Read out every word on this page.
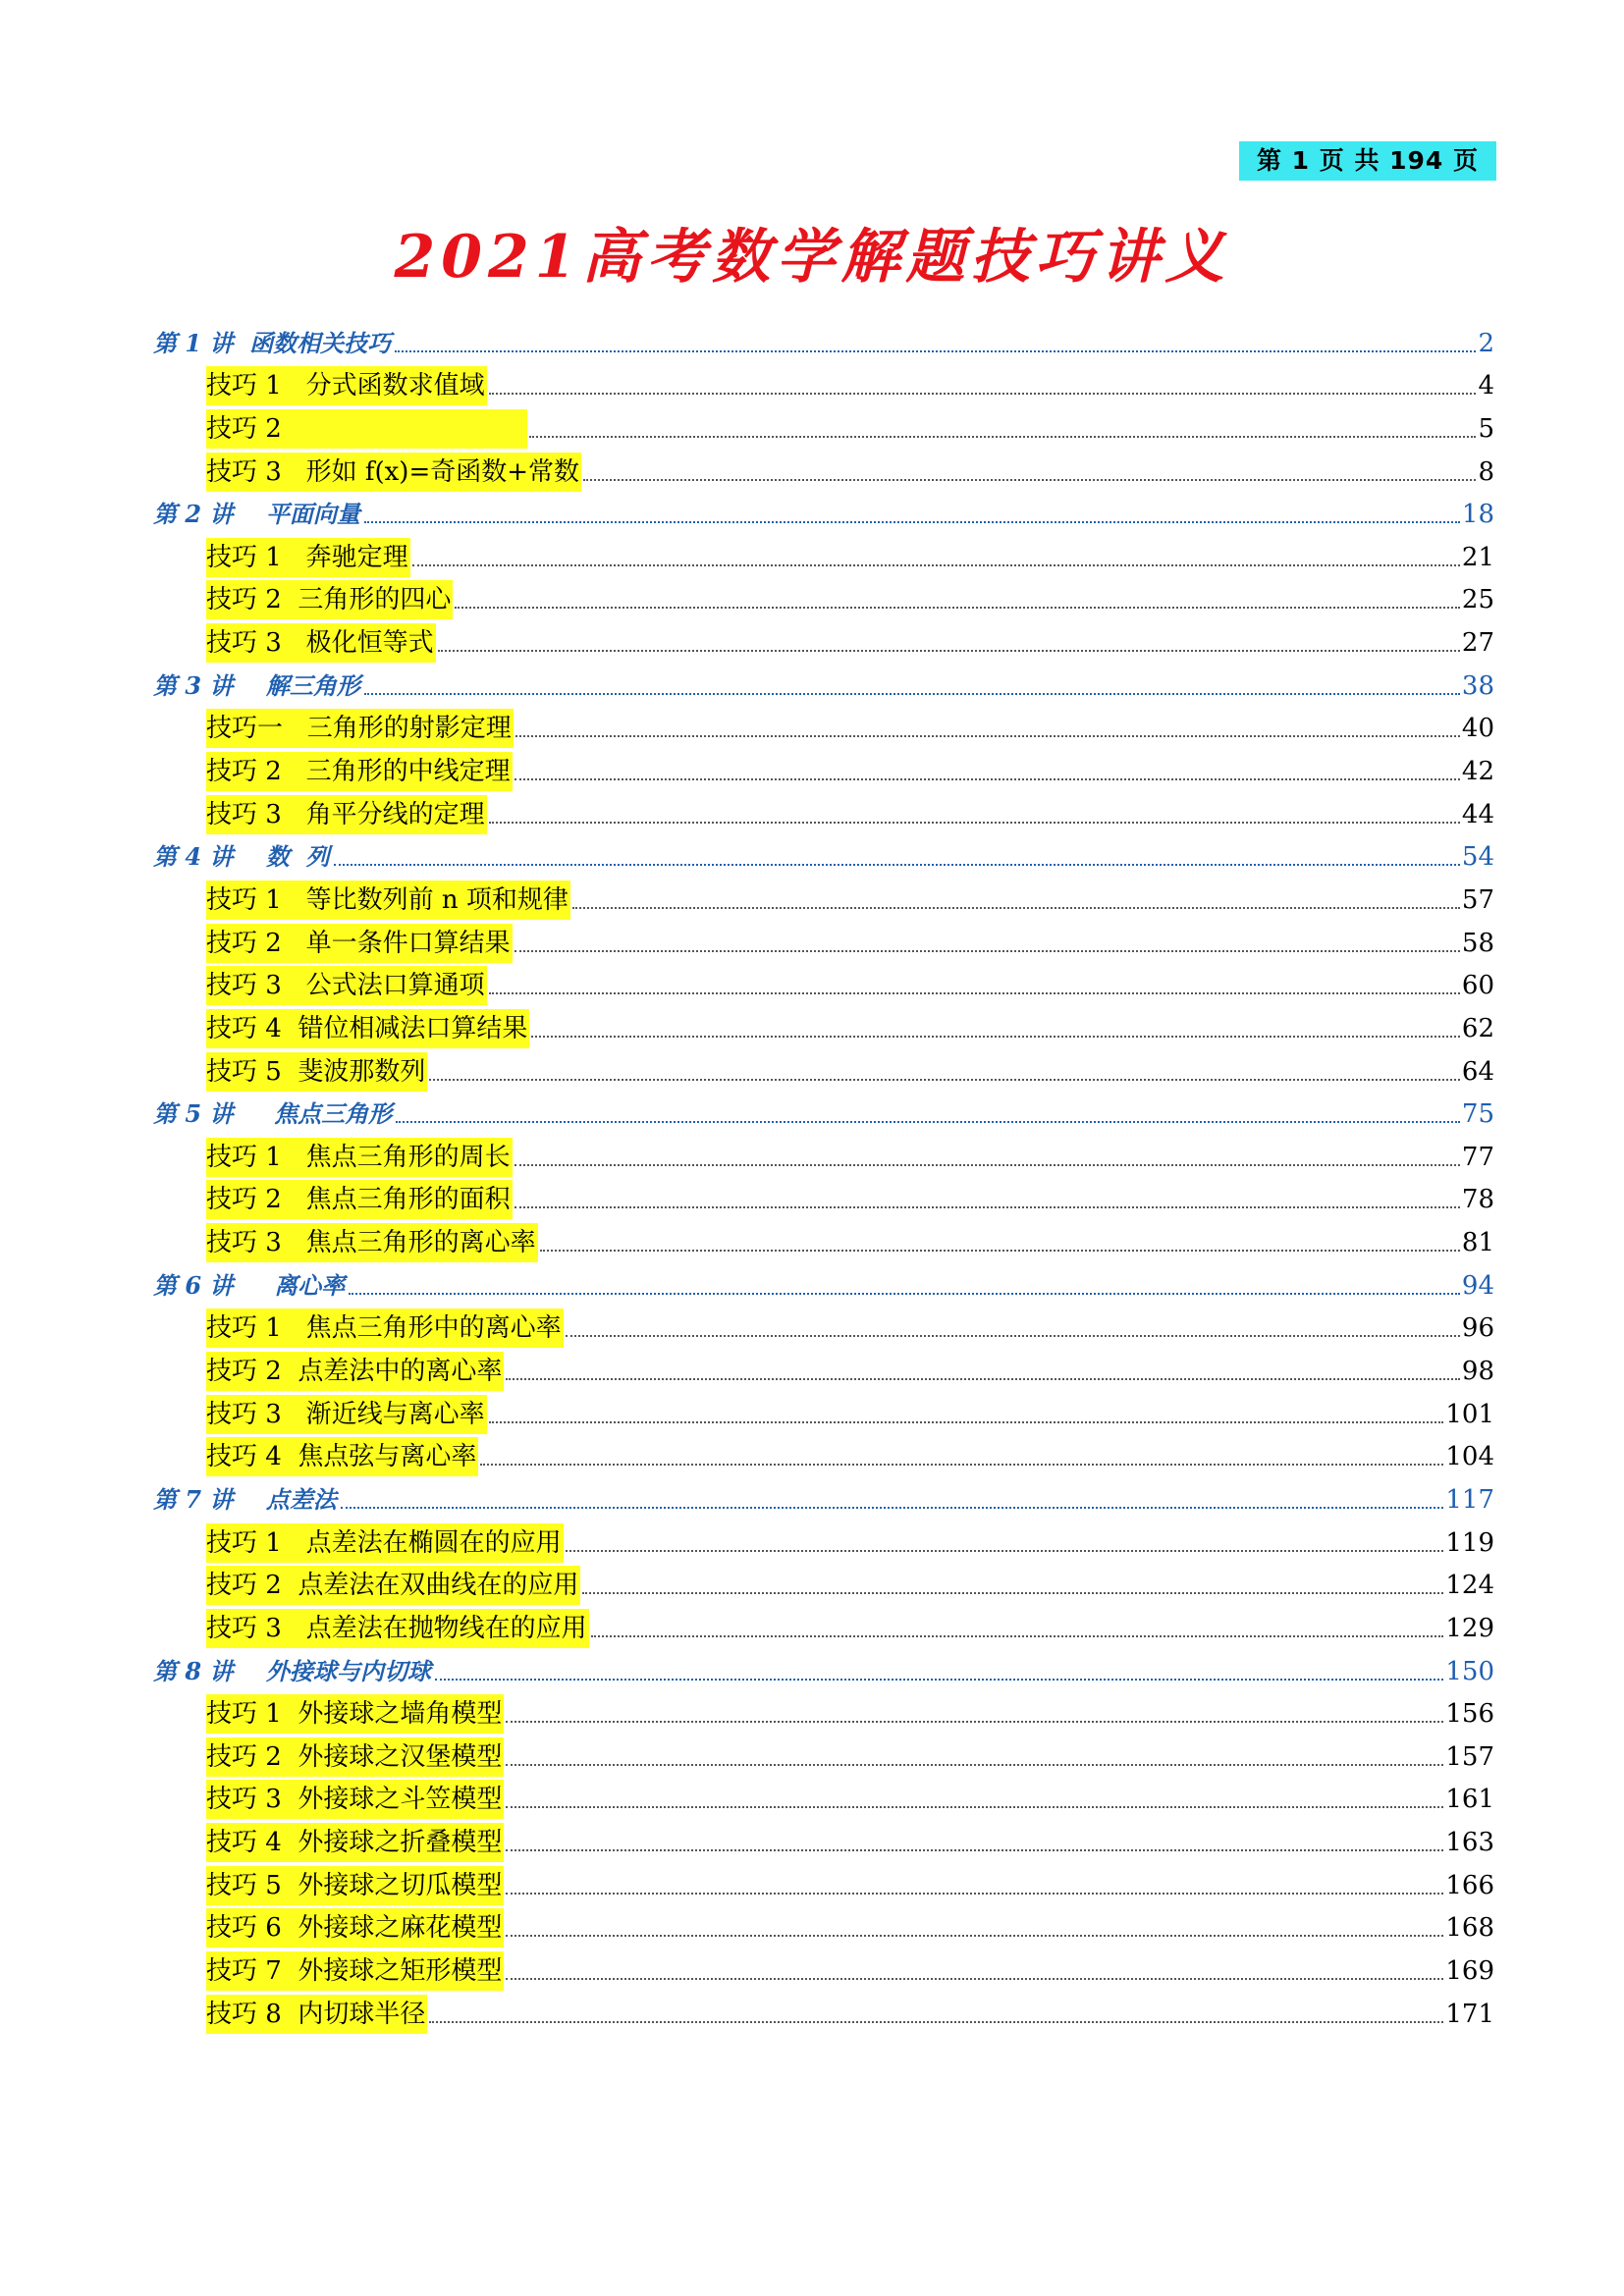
第 1 页 共 194 页
2021高考数学解题技巧讲义
第 1 讲  函数相关技巧	2
技巧 1   分式函数求值域	4
技巧 2	5
技巧 3   形如 f(x)=奇函数+常数	8
第 2 讲    平面向量	18
技巧 1   奔驰定理	21
技巧 2  三角形的四心	25
技巧 3   极化恒等式	27
第 3 讲    解三角形	38
技巧一   三角形的射影定理	40
技巧 2   三角形的中线定理	42
技巧 3   角平分线的定理	44
第 4 讲    数  列	54
技巧 1   等比数列前 n 项和规律	57
技巧 2   单一条件口算结果	58
技巧 3   公式法口算通项	60
技巧 4  错位相减法口算结果	62
技巧 5  斐波那数列	64
第 5 讲     焦点三角形	75
技巧 1   焦点三角形的周长	77
技巧 2   焦点三角形的面积	78
技巧 3   焦点三角形的离心率	81
第 6 讲     离心率	94
技巧 1   焦点三角形中的离心率	96
技巧 2  点差法中的离心率	98
技巧 3   渐近线与离心率	101
技巧 4  焦点弦与离心率	104
第 7 讲    点差法	117
技巧 1   点差法在椭圆在的应用	119
技巧 2  点差法在双曲线在的应用	124
技巧 3   点差法在抛物线在的应用	129
第 8 讲    外接球与内切球	150
技巧 1  外接球之墙角模型	156
技巧 2  外接球之汉堡模型	157
技巧 3  外接球之斗笠模型	161
技巧 4  外接球之折叠模型	163
技巧 5  外接球之切瓜模型	166
技巧 6  外接球之麻花模型	168
技巧 7  外接球之矩形模型	169
技巧 8  内切球半径	171
